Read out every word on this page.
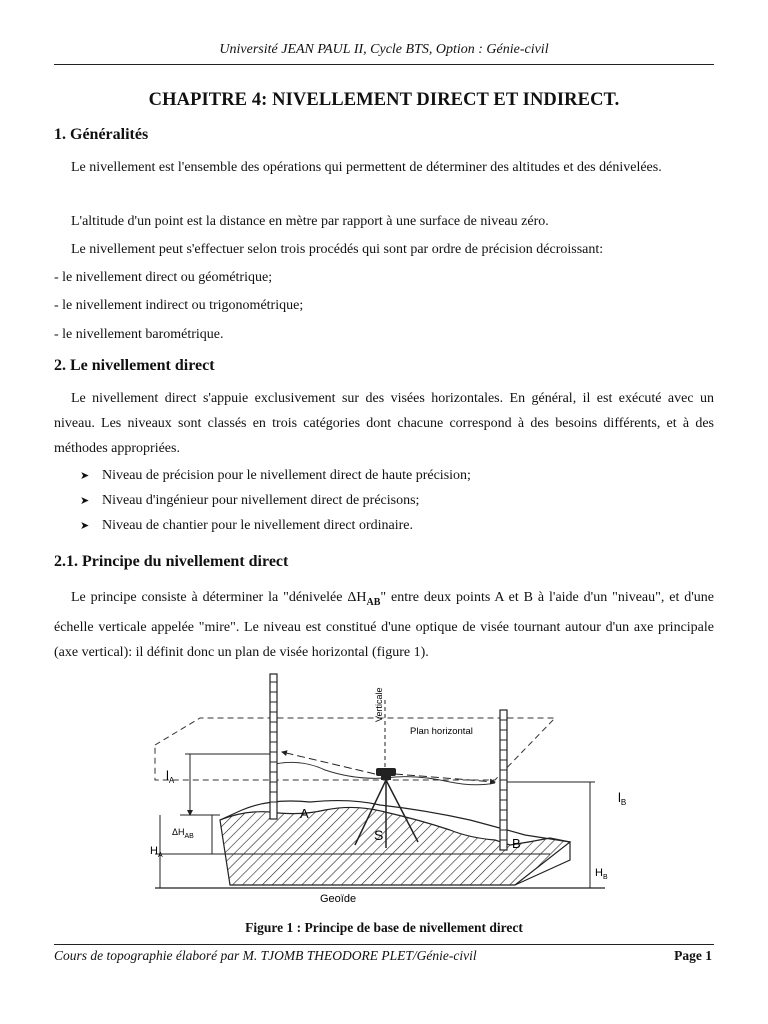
Université JEAN PAUL II, Cycle BTS, Option : Génie-civil
CHAPITRE 4: NIVELLEMENT DIRECT ET INDIRECT.
1. Généralités
Le nivellement est l'ensemble des opérations qui permettent de déterminer des altitudes et des dénivelées.
L'altitude d'un point est la distance en mètre par rapport à une surface de niveau zéro.
Le nivellement peut s'effectuer selon trois procédés qui sont par ordre de précision décroissant:
- le nivellement direct ou géométrique;
- le nivellement indirect ou trigonométrique;
- le nivellement barométrique.
2. Le nivellement direct
Le nivellement direct s'appuie exclusivement sur des visées horizontales. En général, il est exécuté avec un niveau. Les niveaux sont classés en trois catégories dont chacune correspond à des besoins différents, et à des méthodes appropriées.
➤ Niveau de précision pour le nivellement direct de haute précision;
➤ Niveau d'ingénieur pour nivellement direct de précisons;
➤ Niveau de chantier pour le nivellement direct ordinaire.
2.1. Principe du nivellement direct
Le principe consiste à déterminer la "dénivelée $\Delta H_{AB}$" entre deux points A et B à l'aide d'un "niveau", et d'une échelle verticale appelée "mire". Le niveau est constitué d'une optique de visée tournant autour d'un axe principale (axe vertical): il définit donc un plan de visée horizontal (figure 1).
Verticale
Plan horizontal
$l_A$
$l_B$
A
B
S
$\Delta H_{AB}$
$H_A$
$H_B$
Geoïde
Figure 1 : Principe de base de nivellement direct
Cours de topographie élaboré par M. TJOMB THEODORE PLET/Génie-civil	Page 1
